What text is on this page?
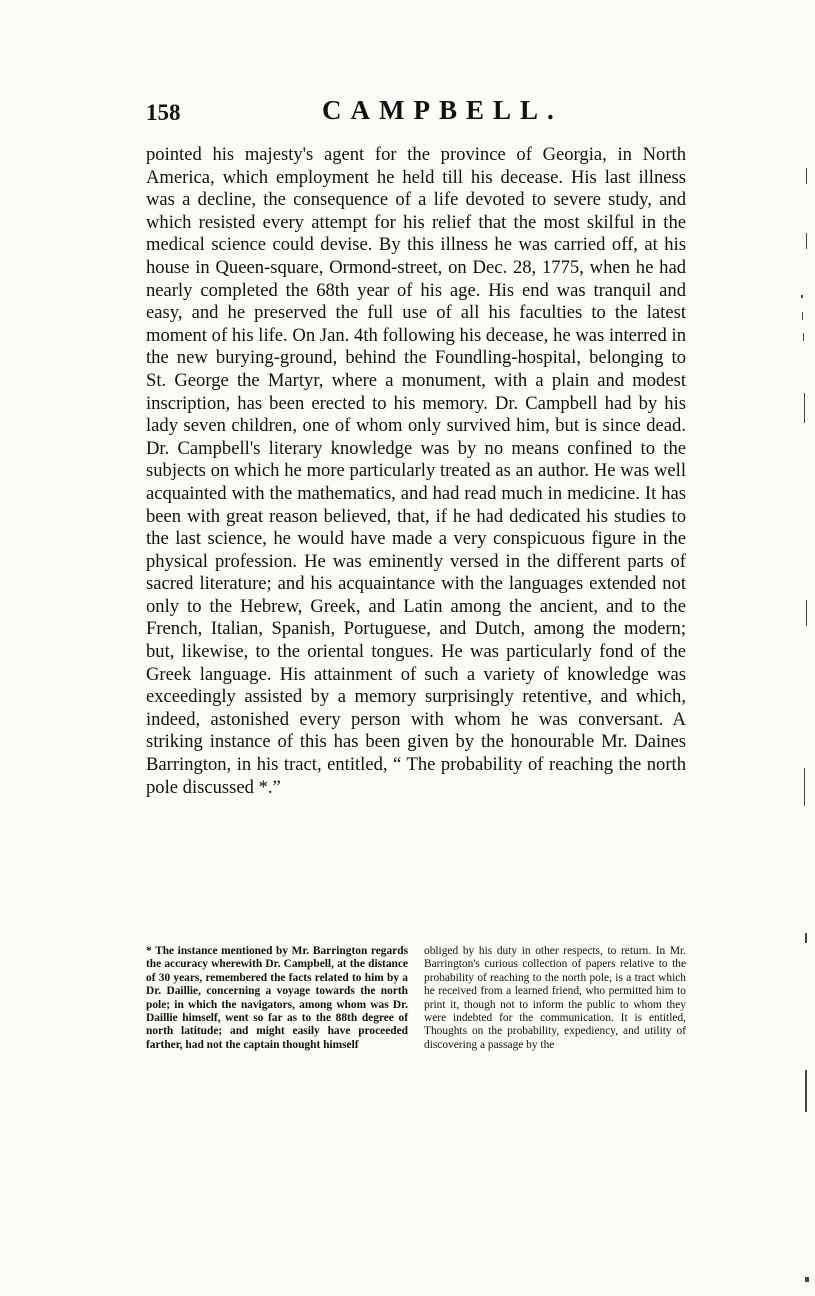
158	CAMPBELL.

pointed his majesty's agent for the province of Georgia, in North America, which employment he held till his decease. His last illness was a decline, the consequence of a life devoted to severe study, and which resisted every attempt for his relief that the most skilful in the medical science could devise. By this illness he was carried off, at his house in Queen-square, Ormond-street, on Dec. 28, 1775, when he had nearly completed the 68th year of his age. His end was tranquil and easy, and he preserved the full use of all his faculties to the latest moment of his life. On Jan. 4th following his decease, he was interred in the new burying-ground, behind the Foundling-hospital, belonging to St. George the Martyr, where a monument, with a plain and modest inscription, has been erected to his memory. Dr. Campbell had by his lady seven children, one of whom only survived him, but is since dead. Dr. Campbell's literary knowledge was by no means confined to the subjects on which he more particularly treated as an author. He was well acquainted with the mathematics, and had read much in medicine. It has been with great reason believed, that, if he had dedicated his studies to the last science, he would have made a very conspicuous figure in the physical profession. He was eminently versed in the different parts of sacred literature; and his acquaintance with the languages extended not only to the Hebrew, Greek, and Latin among the ancient, and to the French, Italian, Spanish, Portuguese, and Dutch, among the modern; but, likewise, to the oriental tongues. He was particularly fond of the Greek language. His attainment of such a variety of knowledge was exceedingly assisted by a memory surprisingly retentive, and which, indeed, astonished every person with whom he was conversant. A striking instance of this has been given by the honourable Mr. Daines Barrington, in his tract, entitled, “ The probability of reaching the north pole discussed *.”

* The instance mentioned by Mr. Barrington regards the accuracy wherewith Dr. Campbell, at the distance of 30 years, remembered the facts related to him by a Dr. Daillie, concerning a voyage towards the north pole; in which the navigators, among whom was Dr. Daillie himself, went so far as to the 88th degree of north latitude; and might easily have proceeded farther, had not the captain thought himself

obliged by his duty in other respects, to return. In Mr. Barrington's curious collection of papers relative to the probability of reaching to the north pole, is a tract which he received from a learned friend, who permitted him to print it, though not to inform the public to whom they were indebted for the communication. It is entitled, Thoughts on the probability, expediency, and utility of discovering a passage by the
